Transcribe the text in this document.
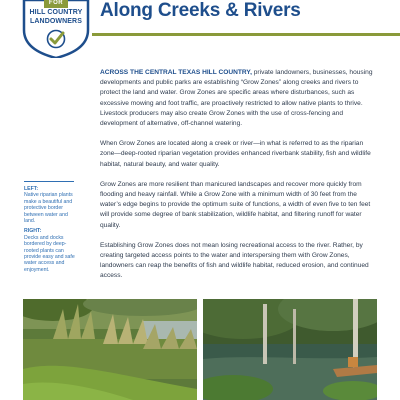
Along Creeks & Rivers
FOR
HILL COUNTRY
LANDOWNERS

ACROSS THE CENTRAL TEXAS HILL COUNTRY, private landowners, businesses, housing developments and public parks are establishing “Grow Zones” along creeks and rivers to protect the land and water. Grow Zones are specific areas where disturbances, such as excessive mowing and foot traffic, are proactively restricted to allow native plants to thrive. Livestock producers may also create Grow Zones with the use of cross-fencing and development of alternative, off-channel watering.

When Grow Zones are located along a creek or river—in what is referred to as the riparian zone—deep-rooted riparian vegetation provides enhanced riverbank stability, fish and wildlife habitat, natural beauty, and water quality.

Grow Zones are more resilient than manicured landscapes and recover more quickly from flooding and heavy rainfall. While a Grow Zone with a minimum width of 30 feet from the water’s edge begins to provide the optimum suite of functions, a width of even five to ten feet will provide some degree of bank stabilization, wildlife habitat, and filtering runoff for water quality.

Establishing Grow Zones does not mean losing recreational access to the river. Rather, by creating targeted access points to the water and interspersing them with Grow Zones, landowners can reap the benefits of fish and wildlife habitat, reduced erosion, and continued access.

LEFT:
Native riparian plants make a beautiful and protective border between water and land.
RIGHT:
Decks and docks bordered by deep-rooted plants can provide easy and safe water access and enjoyment.
